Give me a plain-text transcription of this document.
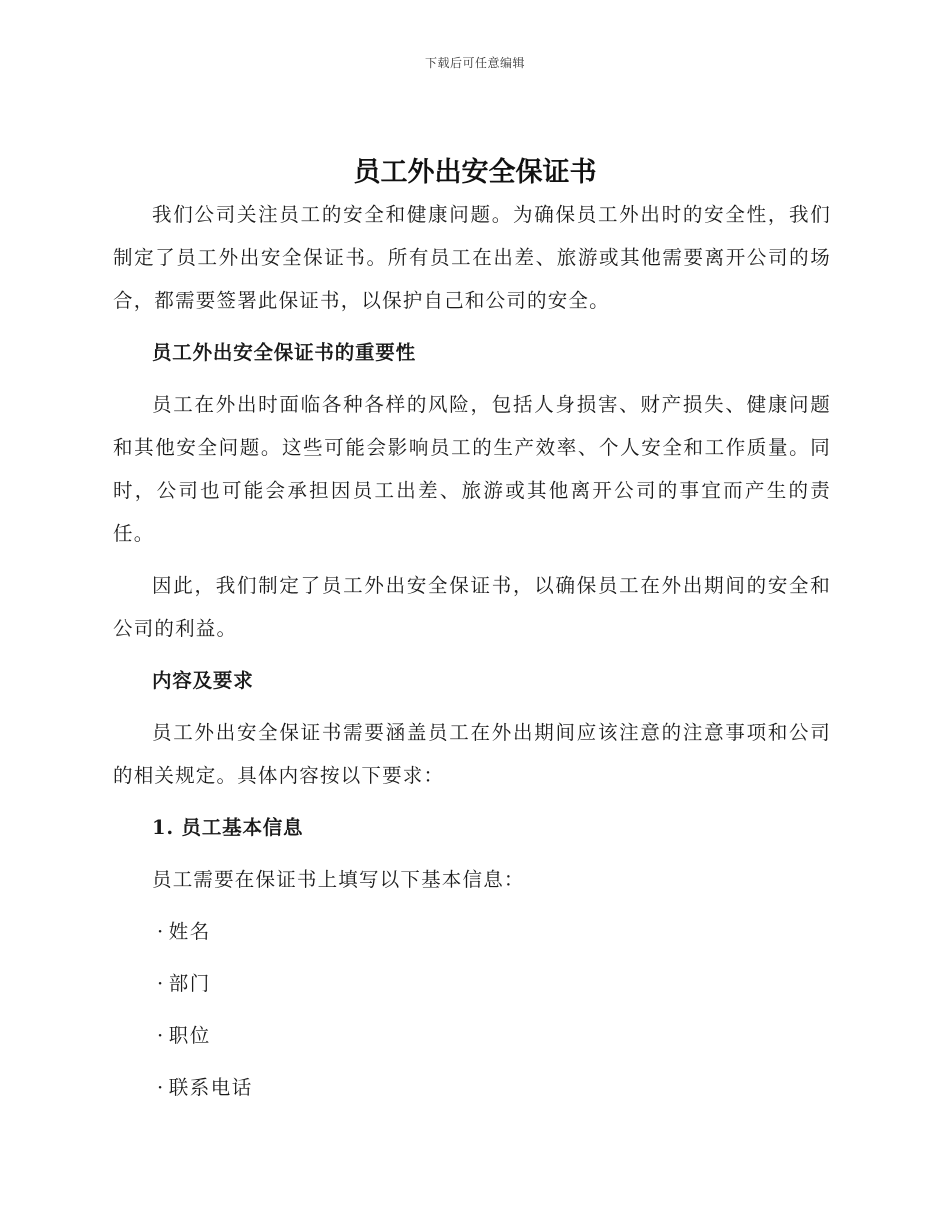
下载后可任意编辑
员工外出安全保证书

我们公司关注员工的安全和健康问题。为确保员工外出时的安全性，我们制定了员工外出安全保证书。所有员工在出差、旅游或其他需要离开公司的场合，都需要签署此保证书，以保护自己和公司的安全。

员工外出安全保证书的重要性

员工在外出时面临各种各样的风险，包括人身损害、财产损失、健康问题和其他安全问题。这些可能会影响员工的生产效率、个人安全和工作质量。同时，公司也可能会承担因员工出差、旅游或其他离开公司的事宜而产生的责任。

因此，我们制定了员工外出安全保证书，以确保员工在外出期间的安全和公司的利益。

内容及要求

员工外出安全保证书需要涵盖员工在外出期间应该注意的注意事项和公司的相关规定。具体内容按以下要求：

1. 员工基本信息

员工需要在保证书上填写以下基本信息：

· 姓名
· 部门
· 职位
· 联系电话
